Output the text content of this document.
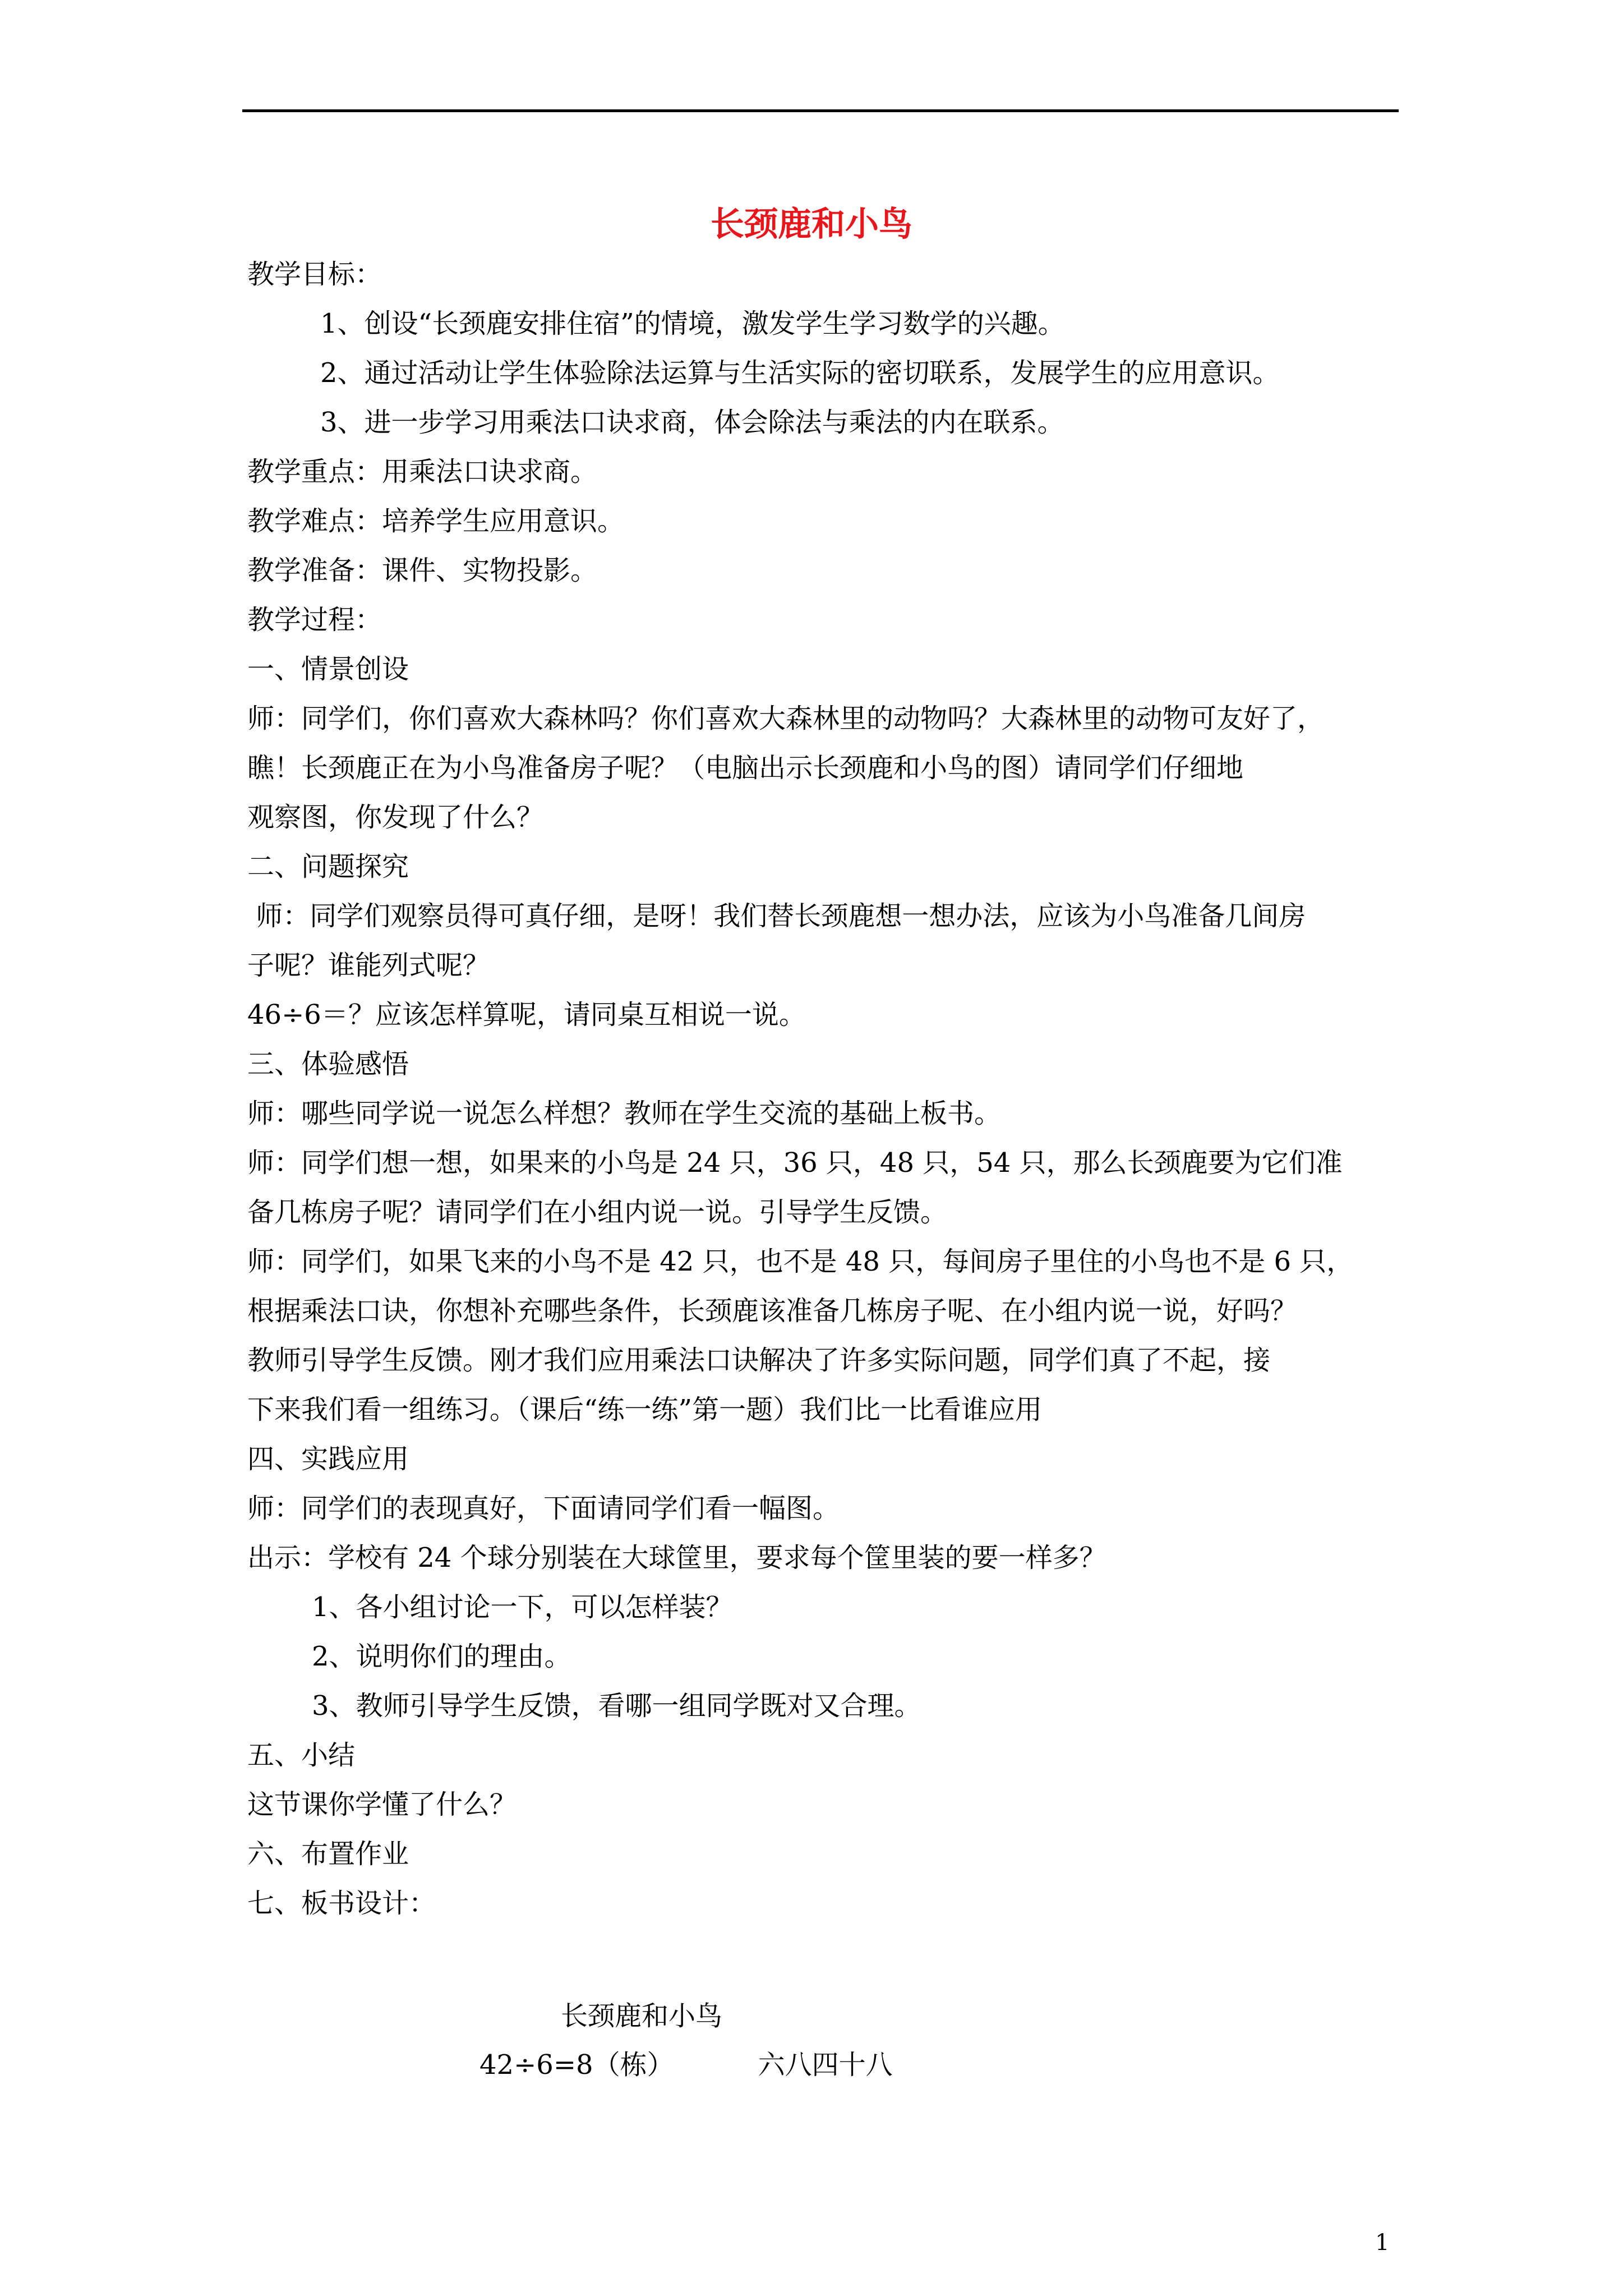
长颈鹿和小鸟
教学目标：
1、创设“长颈鹿安排住宿”的情境，激发学生学习数学的兴趣。
2、通过活动让学生体验除法运算与生活实际的密切联系，发展学生的应用意识。
3、进一步学习用乘法口诀求商，体会除法与乘法的内在联系。
教学重点：用乘法口诀求商。
教学难点：培养学生应用意识。
教学准备：课件、实物投影。
教学过程：
一、情景创设
师：同学们，你们喜欢大森林吗？你们喜欢大森林里的动物吗？大森林里的动物可友好了，
瞧！长颈鹿正在为小鸟准备房子呢？（电脑出示长颈鹿和小鸟的图）请同学们仔细地
观察图，你发现了什么？
二、问题探究
师：同学们观察员得可真仔细，是呀！我们替长颈鹿想一想办法，应该为小鸟准备几间房
子呢？谁能列式呢？
46÷6＝？应该怎样算呢，请同桌互相说一说。
三、体验感悟
师：哪些同学说一说怎么样想？教师在学生交流的基础上板书。
师：同学们想一想，如果来的小鸟是 24 只，36 只，48 只，54 只，那么长颈鹿要为它们准
备几栋房子呢？请同学们在小组内说一说。引导学生反馈。
师：同学们，如果飞来的小鸟不是 42 只，也不是 48 只，每间房子里住的小鸟也不是 6 只，
根据乘法口诀，你想补充哪些条件，长颈鹿该准备几栋房子呢、在小组内说一说，好吗？
教师引导学生反馈。刚才我们应用乘法口诀解决了许多实际问题，同学们真了不起，接
下来我们看一组练习。（课后“练一练”第一题）我们比一比看谁应用
四、实践应用
师：同学们的表现真好，下面请同学们看一幅图。
出示：学校有 24 个球分别装在大球筐里，要求每个筐里装的要一样多？
1、各小组讨论一下，可以怎样装？
2、说明你们的理由。
3、教师引导学生反馈，看哪一组同学既对又合理。
五、小结
这节课你学懂了什么？
六、布置作业
七、板书设计：
长颈鹿和小鸟
42÷6=8（栋）	六八四十八
1
